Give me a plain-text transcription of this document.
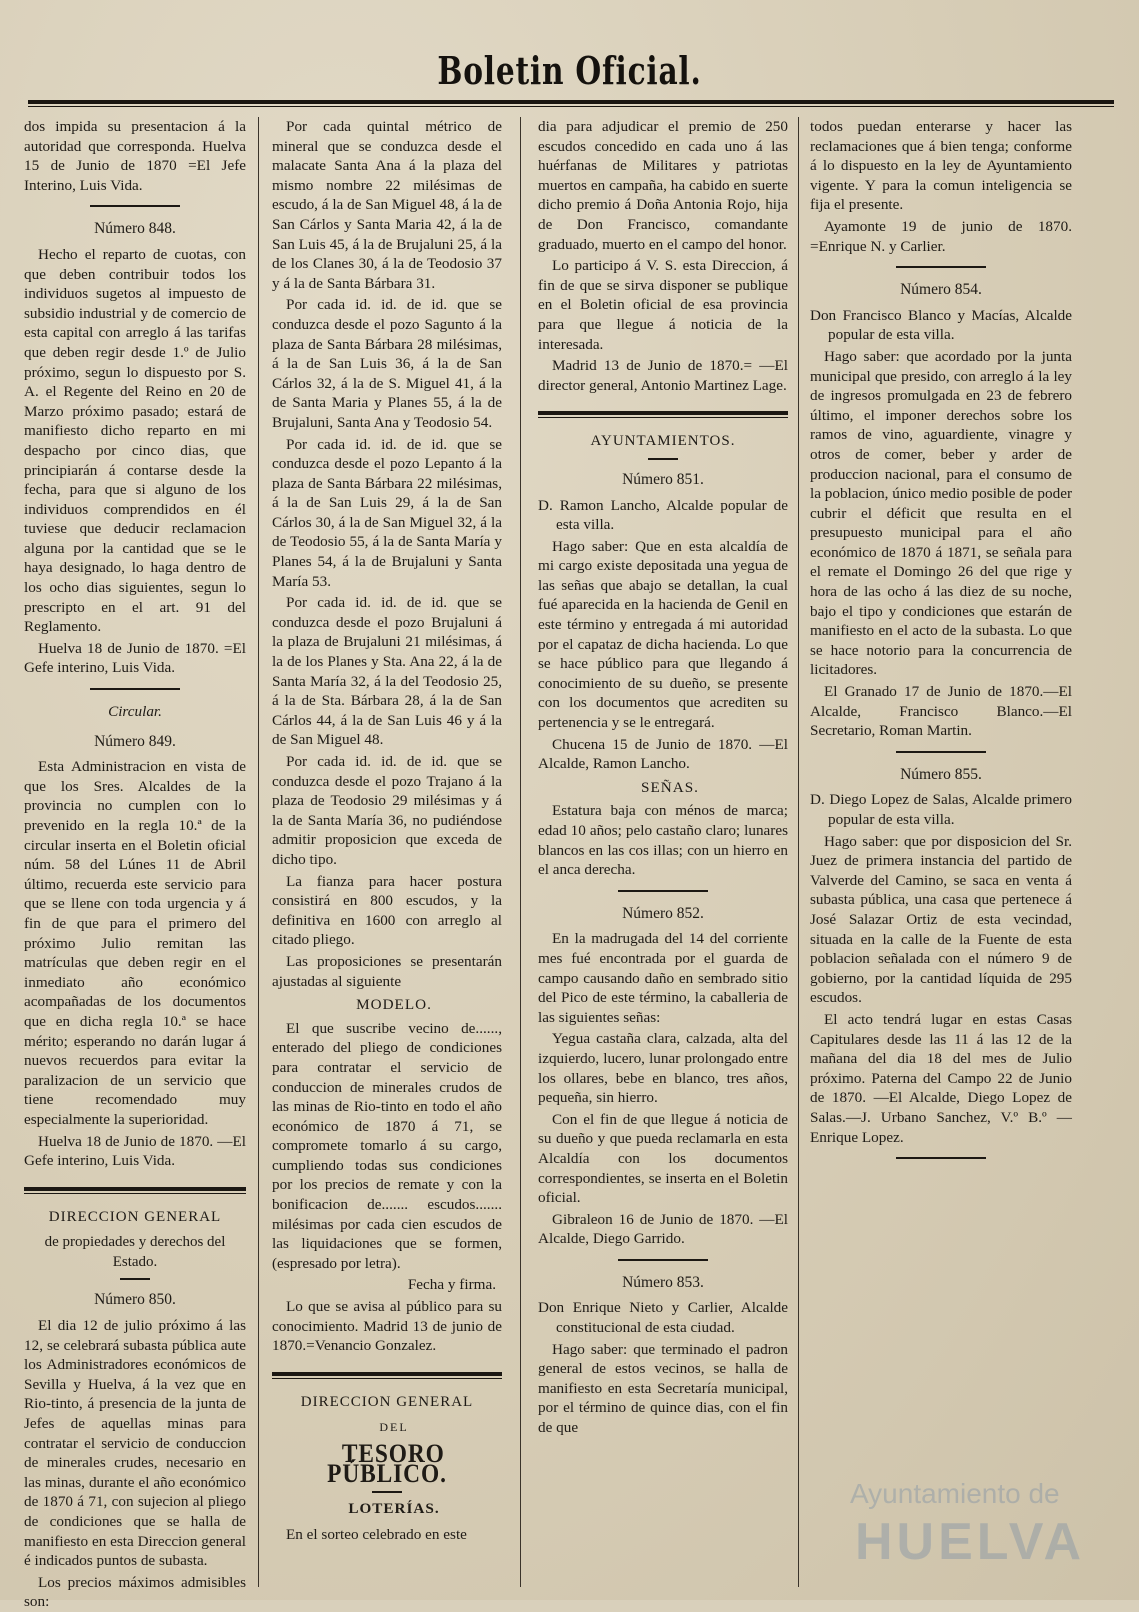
Boletin Oficial.

dos impida su presentacion á la autoridad que corresponda. Huelva 15 de Junio de 1870 =El Jefe Interino, Luis Vida.

Número 848.

Hecho el reparto de cuotas, con que deben contribuir todos los individuos sugetos al impuesto de subsidio industrial y de comercio de esta capital con arreglo á las tarifas que deben regir desde 1.º de Julio próximo, segun lo dispuesto por S. A. el Regente del Reino en 20 de Marzo próximo pasado; estará de manifiesto dicho reparto en mi despacho por cinco dias, que principiarán á contarse desde la fecha, para que si alguno de los individuos comprendidos en él tuviese que deducir reclamacion alguna por la cantidad que se le haya designado, lo haga dentro de los ocho dias siguientes, segun lo prescripto en el art. 91 del Reglamento.

Huelva 18 de Junio de 1870. =El Gefe interino, Luis Vida.

Circular.

Número 849.

Esta Administracion en vista de que los Sres. Alcaldes de la provincia no cumplen con lo prevenido en la regla 10.ª de la circular inserta en el Boletin oficial núm. 58 del Lúnes 11 de Abril último, recuerda este servicio para que se llene con toda urgencia y á fin de que para el primero del próximo Julio remitan las matrículas que deben regir en el inmediato año económico acompañadas de los documentos que en dicha regla 10.ª se hace mérito; esperando no darán lugar á nuevos recuerdos para evitar la paralizacion de un servicio que tiene recomendado muy especialmente la superioridad.

Huelva 18 de Junio de 1870. —El Gefe interino, Luis Vida.

DIRECCION GENERAL

de propiedades y derechos del Estado.

Número 850.

El dia 12 de julio próximo á las 12, se celebrará subasta pública aute los Administradores económicos de Sevilla y Huelva, á la vez que en Rio-tinto, á presencia de la junta de Jefes de aquellas minas para contratar el servicio de conduccion de minerales crudes, necesario en las minas, durante el año económico de 1870 á 71, con sujecion al pliego de condiciones que se halla de manifiesto en esta Direccion general é indicados puntos de subasta.

Los precios máximos admisibles son:

Por cada quintal métrico de mineral que se conduzca desde el malacate Santa Ana á la plaza del mismo nombre 22 milésimas de escudo, á la de San Miguel 48, á la de San Cárlos y Santa Maria 42, á la de San Luis 45, á la de Brujaluni 25, á la de los Clanes 30, á la de Teodosio 37 y á la de Santa Bárbara 31.

Por cada id. id. de id. que se conduzca desde el pozo Sagunto á la plaza de Santa Bárbara 28 milésimas, á la de San Luis 36, á la de San Cárlos 32, á la de S. Miguel 41, á la de Santa Maria y Planes 55, á la de Brujaluni, Santa Ana y Teodosio 54.

Por cada id. id. de id. que se conduzca desde el pozo Lepanto á la plaza de Santa Bárbara 22 milésimas, á la de San Luis 29, á la de San Cárlos 30, á la de San Miguel 32, á la de Teodosio 55, á la de Santa María y Planes 54, á la de Brujaluni y Santa María 53.

Por cada id. id. de id. que se conduzca desde el pozo Brujaluni á la plaza de Brujaluni 21 milésimas, á la de los Planes y Sta. Ana 22, á la de Santa María 32, á la del Teodosio 25, á la de Sta. Bárbara 28, á la de San Cárlos 44, á la de San Luis 46 y á la de San Miguel 48.

Por cada id. id. de id. que se conduzca desde el pozo Trajano á la plaza de Teodosio 29 milésimas y á la de Santa María 36, no pudiéndose admitir proposicion que exceda de dicho tipo.

La fianza para hacer postura consistirá en 800 escudos, y la definitiva en 1600 con arreglo al citado pliego.

Las proposiciones se presentarán ajustadas al siguiente

MODELO.

El que suscribe vecino de......, enterado del pliego de condiciones para contratar el servicio de conduccion de minerales crudos de las minas de Rio-tinto en todo el año económico de 1870 á 71, se compromete tomarlo á su cargo, cumpliendo todas sus condiciones por los precios de remate y con la bonificacion de....... escudos....... milésimas por cada cien escudos de las liquidaciones que se formen, (espresado por letra).

Fecha y firma.

Lo que se avisa al público para su conocimiento. Madrid 13 de junio de 1870.=Venancio Gonzalez.

DIRECCION GENERAL

DEL

TESORO PÚBLICO.

LOTERÍAS.

En el sorteo celebrado en este

dia para adjudicar el premio de 250 escudos concedido en cada uno á las huérfanas de Militares y patriotas muertos en campaña, ha cabido en suerte dicho premio á Doña Antonia Rojo, hija de Don Francisco, comandante graduado, muerto en el campo del honor.

Lo participo á V. S. esta Direccion, á fin de que se sirva disponer se publique en el Boletin oficial de esa provincia para que llegue á noticia de la interesada.

Madrid 13 de Junio de 1870.= —El director general, Antonio Martinez Lage.

AYUNTAMIENTOS.

Número 851.

D. Ramon Lancho, Alcalde popular de esta villa.

Hago saber: Que en esta alcaldía de mi cargo existe depositada una yegua de las señas que abajo se detallan, la cual fué aparecida en la hacienda de Genil en este término y entregada á mi autoridad por el capataz de dicha hacienda. Lo que se hace público para que llegando á conocimiento de su dueño, se presente con los documentos que acrediten su pertenencia y se le entregará.

Chucena 15 de Junio de 1870. —El Alcalde, Ramon Lancho.

SEÑAS.

Estatura baja con ménos de marca; edad 10 años; pelo castaño claro; lunares blancos en las cos illas; con un hierro en el anca derecha.

Número 852.

En la madrugada del 14 del corriente mes fué encontrada por el guarda de campo causando daño en sembrado sitio del Pico de este término, la caballeria de las siguientes señas:

Yegua castaña clara, calzada, alta del izquierdo, lucero, lunar prolongado entre los ollares, bebe en blanco, tres años, pequeña, sin hierro.

Con el fin de que llegue á noticia de su dueño y que pueda reclamarla en esta Alcaldía con los documentos correspondientes, se inserta en el Boletin oficial.

Gibraleon 16 de Junio de 1870. —El Alcalde, Diego Garrido.

Número 853.

Don Enrique Nieto y Carlier, Alcalde constitucional de esta ciudad.

Hago saber: que terminado el padron general de estos vecinos, se halla de manifiesto en esta Secretaría municipal, por el término de quince dias, con el fin de que

todos puedan enterarse y hacer las reclamaciones que á bien tenga; conforme á lo dispuesto en la ley de Ayuntamiento vigente. Y para la comun inteligencia se fija el presente.

Ayamonte 19 de junio de 1870. =Enrique N. y Carlier.

Número 854.

Don Francisco Blanco y Macías, Alcalde popular de esta villa.

Hago saber: que acordado por la junta municipal que presido, con arreglo á la ley de ingresos promulgada en 23 de febrero último, el imponer derechos sobre los ramos de vino, aguardiente, vinagre y otros de comer, beber y arder de produccion nacional, para el consumo de la poblacion, único medio posible de poder cubrir el déficit que resulta en el presupuesto municipal para el año económico de 1870 á 1871, se señala para el remate el Domingo 26 del que rige y hora de las ocho á las diez de su noche, bajo el tipo y condiciones que estarán de manifiesto en el acto de la subasta. Lo que se hace notorio para la concurrencia de licitadores.

El Granado 17 de Junio de 1870.—El Alcalde, Francisco Blanco.—El Secretario, Roman Martin.

Número 855.

D. Diego Lopez de Salas, Alcalde primero popular de esta villa.

Hago saber: que por disposicion del Sr. Juez de primera instancia del partido de Valverde del Camino, se saca en venta á subasta pública, una casa que pertenece á José Salazar Ortiz de esta vecindad, situada en la calle de la Fuente de esta poblacion señalada con el número 9 de gobierno, por la cantidad líquida de 295 escudos.

El acto tendrá lugar en estas Casas Capitulares desde las 11 á las 12 de la mañana del dia 18 del mes de Julio próximo. Paterna del Campo 22 de Junio de 1870. —El Alcalde, Diego Lopez de Salas.—J. Urbano Sanchez, V.º B.º —Enrique Lopez.

Ayuntamiento de
HUELVA
